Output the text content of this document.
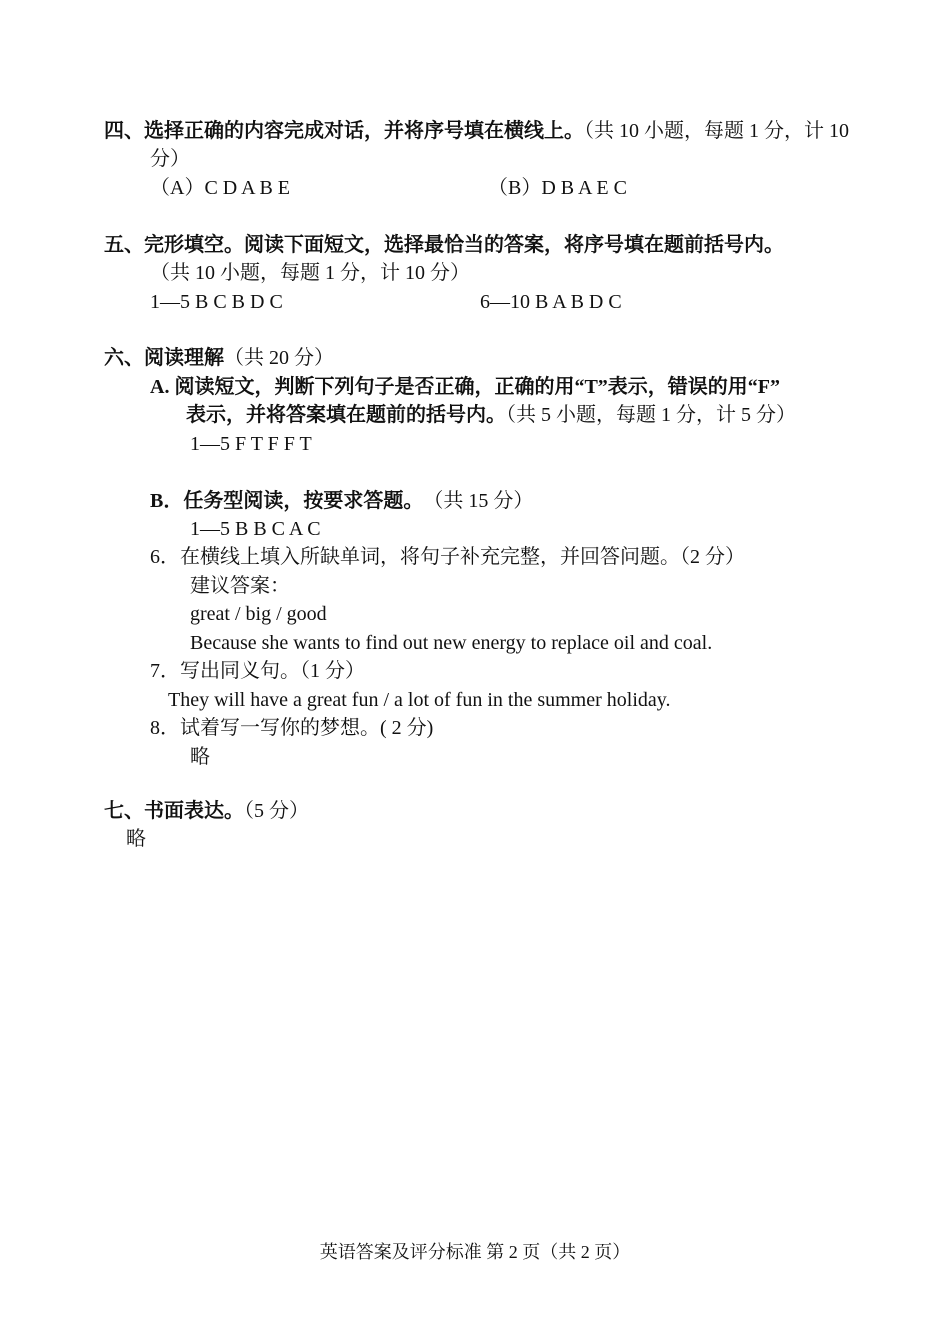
四、选择正确的内容完成对话，并将序号填在横线上。（共 10 小题，每题 1 分，计 10
分）
（A）C D A B E	（B）D B A E C
五、完形填空。阅读下面短文，选择最恰当的答案，将序号填在题前括号内。
（共 10 小题，每题 1 分，计 10 分）
1—5 B C B D C	6—10 B A B D C
六、阅读理解（共 20 分）
A. 阅读短文，判断下列句子是否正确，正确的用“T”表示，错误的用“F”
表示，并将答案填在题前的括号内。（共 5 小题，每题 1 分，计 5 分）
1—5 F T F F T
B．任务型阅读，按要求答题。 （共 15 分）
1—5 B B C A C
6．在横线上填入所缺单词，将句子补充完整，并回答问题。（2 分）
建议答案：
great / big / good
Because she wants to find out new energy to replace oil and coal.
7．写出同义句。（1 分）
They will have a great fun / a lot of fun in the summer holiday.
8．试着写一写你的梦想。( 2 分)
略
七、书面表达。（5 分）
略
英语答案及评分标准 第 2 页（共 2 页）
